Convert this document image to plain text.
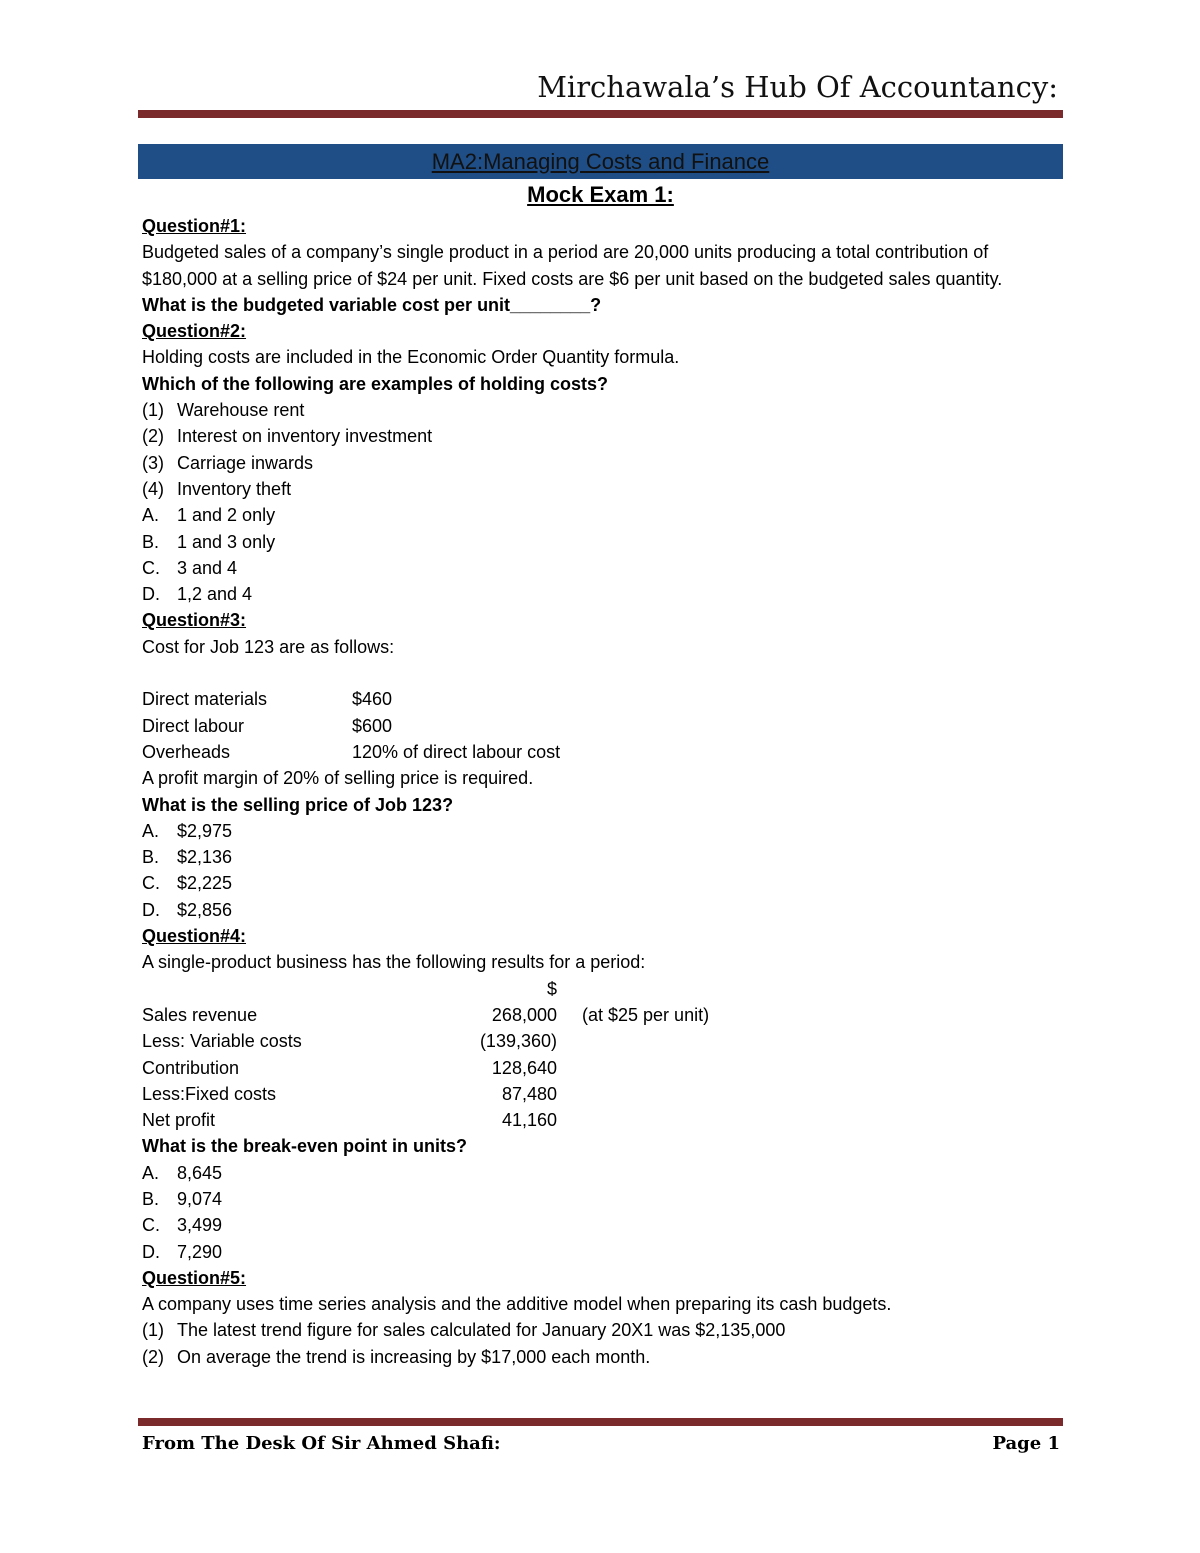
Mirchawala’s Hub Of Accountancy:
MA2:Managing Costs and Finance
Mock Exam 1:
Question#1:
Budgeted sales of a company’s single product in a period are 20,000 units producing a total contribution of $180,000 at a selling price of $24 per unit. Fixed costs are $6 per unit based on the budgeted sales quantity.
What is the budgeted variable cost per unit________?
Question#2:
Holding costs are included in the Economic Order Quantity formula.
Which of the following are examples of holding costs?
(1) Warehouse rent
(2) Interest on inventory investment
(3) Carriage inwards
(4) Inventory theft
A. 1 and 2 only
B. 1 and 3 only
C. 3 and 4
D. 1,2 and 4
Question#3:
Cost for Job 123 are as follows:
Direct materials	$460
Direct labour	$600
Overheads	120% of direct labour cost
A profit margin of 20% of selling price is required.
What is the selling price of Job 123?
A. $2,975
B. $2,136
C. $2,225
D. $2,856
Question#4:
A single-product business has the following results for a period:
$
Sales revenue	268,000	(at $25 per unit)
Less: Variable costs	(139,360)
Contribution	128,640
Less:Fixed costs	87,480
Net profit	41,160
What is the break-even point in units?
A. 8,645
B. 9,074
C. 3,499
D. 7,290
Question#5:
A company uses time series analysis and the additive model when preparing its cash budgets.
(1) The latest trend figure for sales calculated for January 20X1 was $2,135,000
(2) On average the trend is increasing by $17,000 each month.
From The Desk Of Sir Ahmed Shafi:	Page 1
